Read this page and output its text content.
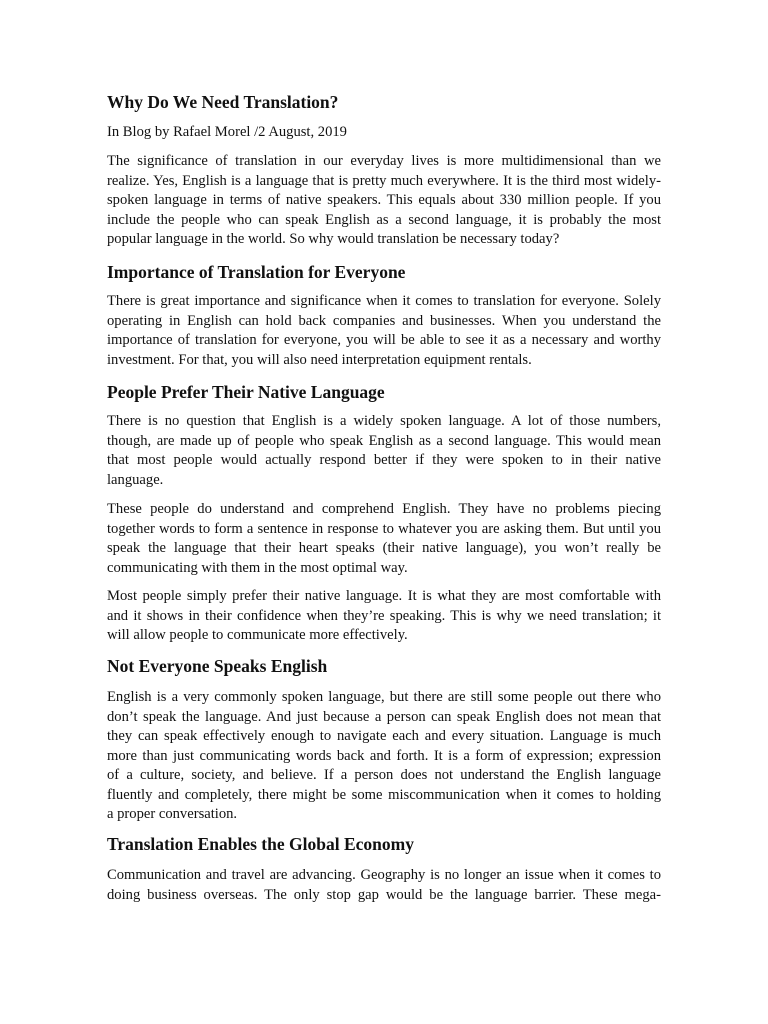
Why Do We Need Translation?

In Blog by Rafael Morel /2 August, 2019

The significance of translation in our everyday lives is more multidimensional than we
realize. Yes, English is a language that is pretty much everywhere. It is the third most widely-
spoken language in terms of native speakers. This equals about 330 million people. If you
include the people who can speak English as a second language, it is probably the most
popular language in the world. So why would translation be necessary today?
Importance of Translation for Everyone
There is great importance and significance when it comes to translation for everyone. Solely
operating in English can hold back companies and businesses. When you understand the
importance of translation for everyone, you will be able to see it as a necessary and worthy
investment. For that, you will also need interpretation equipment rentals.
People Prefer Their Native Language
There is no question that English is a widely spoken language. A lot of those numbers,
though, are made up of people who speak English as a second language. This would mean
that most people would actually respond better if they were spoken to in their native
language.
These people do understand and comprehend English. They have no problems piecing
together words to form a sentence in response to whatever you are asking them. But until you
speak the language that their heart speaks (their native language), you won’t really be
communicating with them in the most optimal way.
Most people simply prefer their native language. It is what they are most comfortable with
and it shows in their confidence when they’re speaking. This is why we need translation; it
will allow people to communicate more effectively.
Not Everyone Speaks English
English is a very commonly spoken language, but there are still some people out there who
don’t speak the language. And just because a person can speak English does not mean that
they can speak effectively enough to navigate each and every situation. Language is much
more than just communicating words back and forth. It is a form of expression; expression
of a culture, society, and believe. If a person does not understand the English language
fluently and completely, there might be some miscommunication when it comes to holding
a proper conversation.
Translation Enables the Global Economy
Communication and travel are advancing. Geography is no longer an issue when it comes to
doing business overseas. The only stop gap would be the language barrier. These mega-
